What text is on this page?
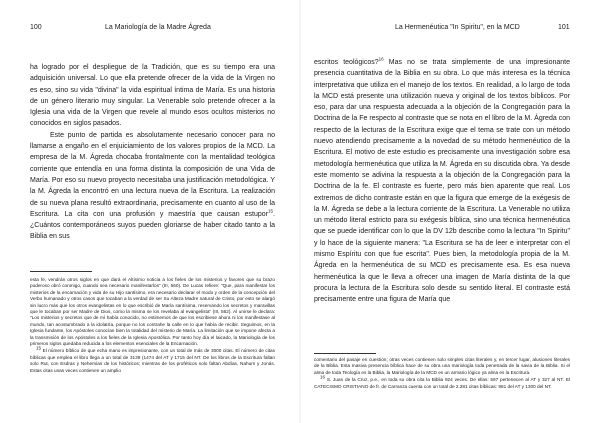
100	La Mariología de la Madre Ágreda

ha logrado por el despliegue de la Tradición, que es su tiempo era una adquisición universal. Lo que ella pretende ofrecer de la vida de la Virgen no es eso, sino su vida "divina" la vida espiritual íntima de María. Es una historia de un género literario muy singular. La Venerable solo pretende ofrecer a la Iglesia una vida de la Virgen que revele al mundo esos ocultos misterios no conocidos en siglos pasados.

Este punto de partida es absolutamente necesario conocer para no llamarse a engaño en el enjuiciamiento de los valores propios de la MCD. La empresa de la M. Ágreda chocaba frontalmente con la mentalidad teológica corriente que entendía en una forma distinta la composición de una Vida de María. Por eso su nuevo proyecto necesitaba una justificación metodológica. Y la M. Ágreda la encontró en una lectura nueva de la Escritura. La realización de su nueva plana resultó extraordinaria, precisamente en cuanto al uso de la Escritura. La cita con una profusión y maestría que causan estupor$^{15}$. ¿Cuántos contemporáneos suyos pueden gloriarse de haber citado tanto a la Biblia en sus

esta fe, vendrán otros siglos en que dará el Altísimo noticia a los fieles de los misterios y favores que su brazo poderoso obró conmigo, cuando sea necesario manifestarlos" (III, 560). De Lucas refiere: "Que, para manifestar los misterios de la encarnación y vida de su Hijo santísimo, era necesario declarar el modo y orden de la concepción del Verbo humanado y otros casos que tocaban a la verdad de ser Su Alteza Madre natural de Cristo, por esto se alargó sin lucro más que los otros evangelistas en lo que escribió de María santísima, reservando los secretos y maravillas que le tocaban por ser Madre de Dios, como la misma se los revelaba al evangelista" (III, 562). Al unirse le declara: "Los misterios y secretos que de mí había conocido, no estimemos de que los escribiese ahora ni los manifestase al mundo, tan acostumbrado a la idolatría, porque no los contrahe la calle en lo que había de recibir. Seguimos, en la Iglesia fundante, los Apóstoles conocían bien la totalidad del misterio de María. La limitación que se impone afecta a la transmisión de los Apóstoles a los fieles de la Iglesia Apostólica. Por tanto hoy día el laicado, la Mariología de los primeros siglos quedaba reducida a los elementos esenciales de la Encarnación.

$^{15}$ El número bíblico de que echa mano es impresionante, con un total de más de 3000 citas. El número de citas bíblicas que emplea el libro llega a un total de 3139 (1474 del AT y 1715 del NT. De los libros de la Escritura faltan solo Rut, con Esdras y Nehemías de los históricos; mientras de los proféticos solo faltan Abdías, Nahum y Jonás. Estas citas unas veces contienen un amplio

La Hermenéutica "In Spiritu", en la MCD	101

escritos teológicos?$^{16}$ Mas no se trata simplemente de una impresionante presencia cuantitativa de la Biblia en su obra. Lo que más interesa es la técnica interpretativa que utiliza en el manejo de los textos. En realidad, a lo largo de toda la MCD está presente una utilización nueva y original de los textos bíblicos. Por eso, para dar una respuesta adecuada a la objeción de la Congregación para la Doctrina de la Fe respecto al contraste que se nota en el libro de la M. Ágreda con respecto de la lecturas de la Escritura exige que el tema se trate con un método nuevo atendiendo precisamente a la novedad de su método hermenéutico de la Escritura. El motivo de este estudio es precisamente una investigación sobre esa metodología hermenéutica que utiliza la M. Ágreda en su discutida obra. Ya desde este momento se adivina la respuesta a la objeción de la Congregación para la Doctrina de la fe. El contraste es fuerte, pero más bien aparente que real. Los extremos de dicho contraste están en que la figura que emerge de la exégesis de la M. Ágreda se debe a la lectura corriente de la Escritura. La Venerable no utiliza un método literal estricto para su exégesis bíblica, sino una técnica hermenéutica que se puede identificar con lo que la DV 12b describe como la lectura "In Spiritu" y lo hace de la siguiente manera: "La Escritura se ha de leer e interpretar con el mismo Espíritu con que fue escrita". Pues bien, la metodología propia de la M. Ágreda en la hermenéutica de su MCD es precisamente esa. Es esa nueva hermenéutica la que le lleva a ofrecer una imagen de María distinta de la que procura la lectura de la Escritura solo desde su sentido literal. El contraste está precisamente entre una figura de María que

comentario del pasaje en cuestión; otras veces contienen solo simples citas literales y, en tercer lugar, alusiones literales de la Biblia. Esta masiva presencia bíblica hace de su obra una mariología toda penetrada de la savia de la Biblia. Si el alma de toda Teología es la Biblia, la Mariología de la MCD es un armario lógico ya alma es la Escritura.

$^{16}$ S. Juan de la Cruz, p.e., en toda su obra cita la Biblia 924 veces. De ellas: 597 pertenecen al AT y 327 al NT. El CATECISMO CRISTIANO de fr. de Carranza cuenta con un total de 2.281 citas bíblicas: 981 del AT y 1300 del NT.
